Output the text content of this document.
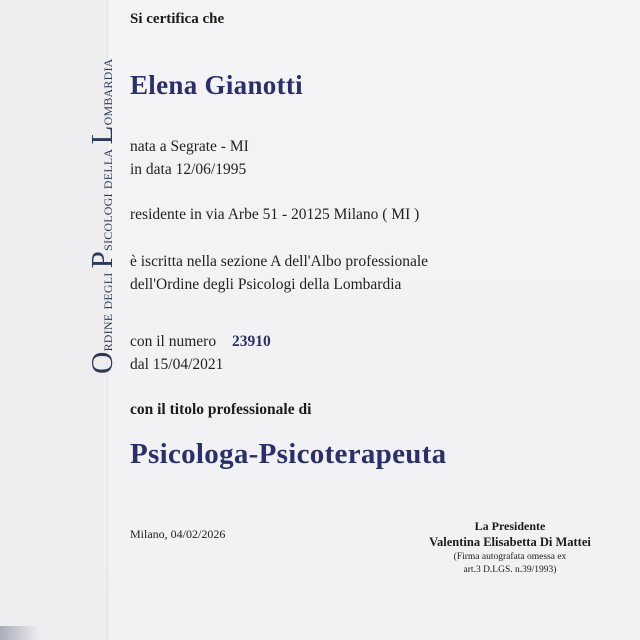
Ordine degli Psicologi della Lombardia
Si certifica che
Elena Gianotti
nata a Segrate - MI
in data 12/06/1995
residente in via Arbe 51 - 20125 Milano ( MI )
è iscritta nella sezione A dell'Albo professionale
dell'Ordine degli Psicologi della Lombardia
con il numero 23910
dal 15/04/2021
con il titolo professionale di
Psicologa-Psicoterapeuta
Milano, 04/02/2026
La Presidente
Valentina Elisabetta Di Mattei
(Firma autografata omessa ex
art.3 D.LGS. n.39/1993)
